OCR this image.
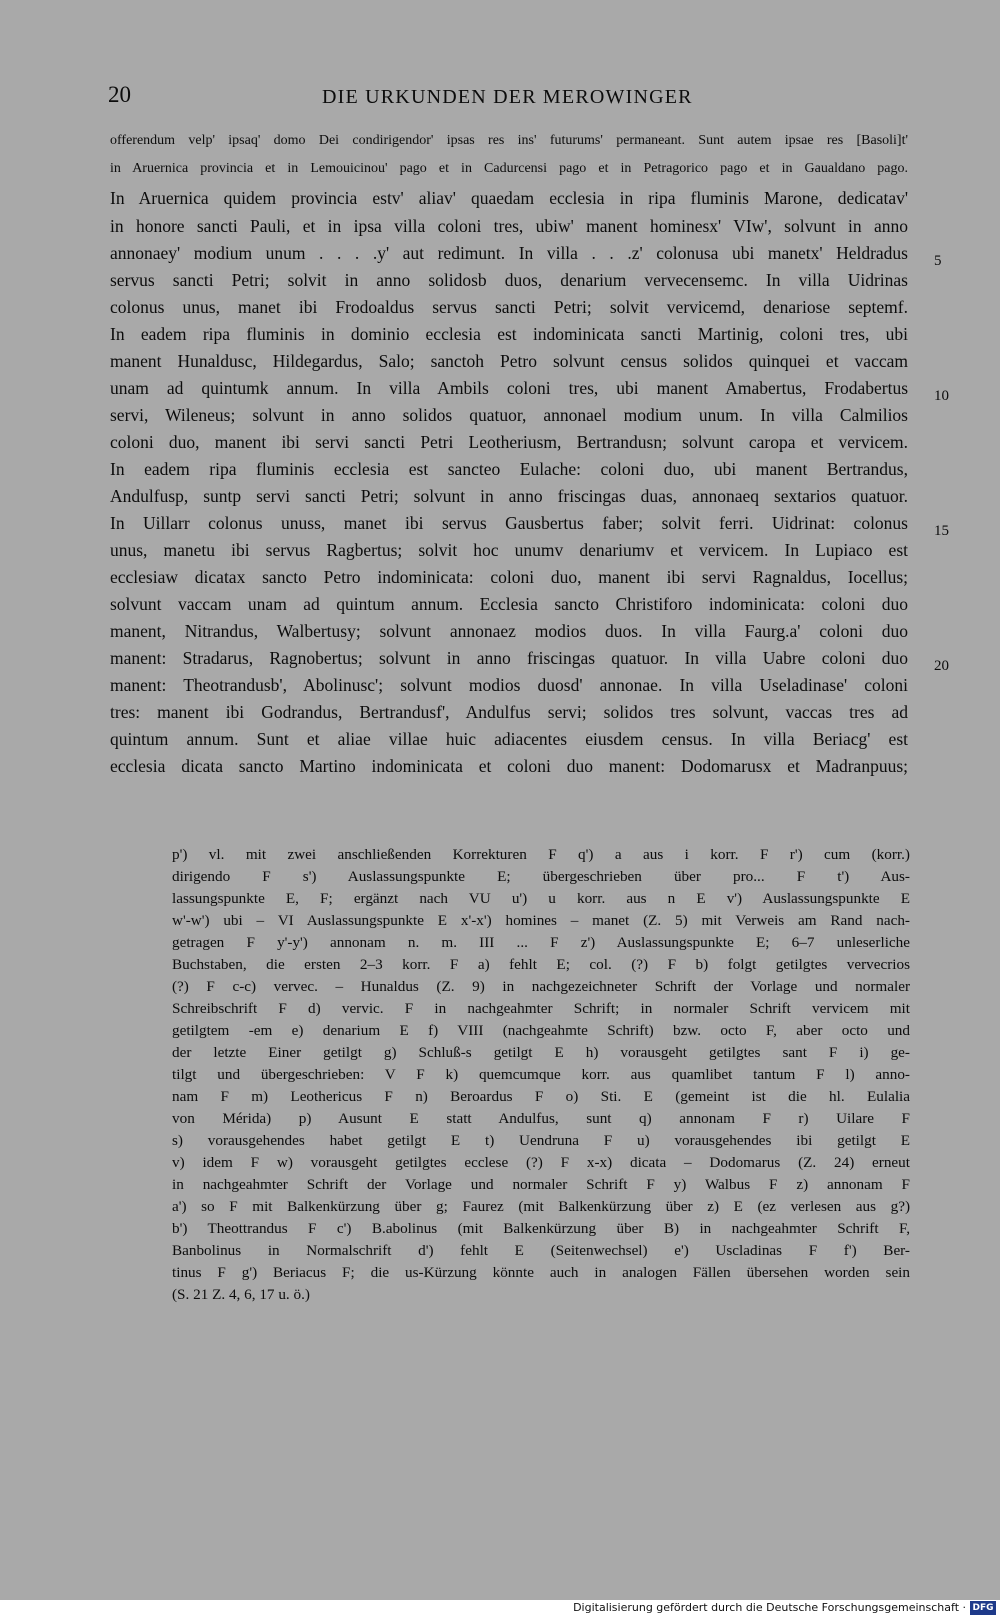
20	DIE URKUNDEN DER MEROWINGER
offerendum velp' ipsaq' domo Dei condirigendor' ipsas res ins' futurums' permaneant. Sunt autem ipsae res [Basoli]t'
in Aruernica provincia et in Lemouicinou' pago et in Cadurcensi pago et in Petragorico pago et in Gaualdano pago.
In Aruernica quidem provincia estv' aliav' quaedam ecclesia in ripa fluminis Marone, dedicatav'
in honore sancti Pauli, et in ipsa villa coloni tres, ubiw' manent hominesx' VIw', solvunt in anno
annonaey' modium unum . . . .y' aut redimunt. In villa . . .z' colonusa ubi manetx' Heldradus
servus sancti Petri; solvit in anno solidosb duos, denarium vervecensemc. In villa Uidrinas
colonus unus, manet ibi Frodoaldus servus sancti Petri; solvit vervicemd, denariose septemf.
In eadem ripa fluminis in dominio ecclesia est indominicata sancti Martinig, coloni tres, ubi
manent Hunaldusc, Hildegardus, Salo; sanctoh Petro solvunt census solidos quinquei et vaccam
unam ad quintumk annum. In villa Ambils coloni tres, ubi manent Amabertus, Frodabertus
servi, Wileneus; solvunt in anno solidos quatuor, annonael modium unum. In villa Calmilios
coloni duo, manent ibi servi sancti Petri Leotheriusm, Bertrandusn; solvunt caropa et vervicem.
In eadem ripa fluminis ecclesia est sancteo Eulache: coloni duo, ubi manent Bertrandus,
Andulfusp, suntp servi sancti Petri; solvunt in anno friscingas duas, annonaeq sextarios quatuor.
In Uillarr colonus unuss, manet ibi servus Gausbertus faber; solvit ferri. Uidrinat: colonus
unus, manetu ibi servus Ragbertus; solvit hoc unumv denariumv et vervicem. In Lupiaco est
ecclesiaw dicatax sancto Petro indominicata: coloni duo, manent ibi servi Ragnaldus, Iocellus;
solvunt vaccam unam ad quintum annum. Ecclesia sancto Christiforo indominicata: coloni duo
manent, Nitrandus, Walbertusy; solvunt annonaez modios duos. In villa Faurg.a' coloni duo
manent: Stradarus, Ragnobertus; solvunt in anno friscingas quatuor. In villa Uabre coloni duo
manent: Theotrandusb', Abolinusc'; solvunt modios duosd' annonae. In villa Useladinase' coloni
tres: manent ibi Godrandus, Bertrandusf', Andulfus servi; solidos tres solvunt, vaccas tres ad
quintum annum. Sunt et aliae villae huic adiacentes eiusdem census. In villa Beriacg' est
ecclesia dicata sancto Martino indominicata et coloni duo manent: Dodomarusx et Madranpuus;
5
10
15
20
p') vl. mit zwei anschließenden Korrekturen F q') a aus i korr. F r') cum (korr.)
dirigendo F s') Auslassungspunkte E; übergeschrieben über pro... F t') Aus-
lassungspunkte E, F; ergänzt nach VU u') u korr. aus n E v') Auslassungspunkte E
w'-w') ubi – VI Auslassungspunkte E x'-x') homines – manet (Z. 5) mit Verweis am Rand nach-
getragen F y'-y') annonam n. m. III ... F z') Auslassungspunkte E; 6–7 unleserliche
Buchstaben, die ersten 2–3 korr. F a) fehlt E; col. (?) F b) folgt getilgtes vervecrios
(?) F c-c) vervec. – Hunaldus (Z. 9) in nachgezeichneter Schrift der Vorlage und normaler
Schreibschrift F d) vervic. F in nachgeahmter Schrift; in normaler Schrift vervicem mit
getilgtem -em e) denarium E f) VIII (nachgeahmte Schrift) bzw. octo F, aber octo und
der letzte Einer getilgt g) Schluß-s getilgt E h) vorausgeht getilgtes sant F i) ge-
tilgt und übergeschrieben: V F k) quemcumque korr. aus quamlibet tantum F l) anno-
nam F m) Leothericus F n) Beroardus F o) Sti. E (gemeint ist die hl. Eulalia
von Mérida) p) Ausunt E statt Andulfus, sunt q) annonam F r) Uilare F
s) vorausgehendes habet getilgt E t) Uendruna F u) vorausgehendes ibi getilgt E
v) idem F w) vorausgeht getilgtes ecclese (?) F x-x) dicata – Dodomarus (Z. 24) erneut
in nachgeahmter Schrift der Vorlage und normaler Schrift F y) Walbus F z) annonam F
a') so F mit Balkenkürzung über g; Faurez (mit Balkenkürzung über z) E (ez verlesen aus g?)
b') Theottrandus F c') B.abolinus (mit Balkenkürzung über B) in nachgeahmter Schrift F,
Banbolinus in Normalschrift d') fehlt E (Seitenwechsel) e') Uscladinas F f') Ber-
tinus F g') Beriacus F; die us-Kürzung könnte auch in analogen Fällen übersehen worden sein
(S. 21 Z. 4, 6, 17 u. ö.)
Digitalisierung gefördert durch die Deutsche Forschungsgemeinschaft · DFG
